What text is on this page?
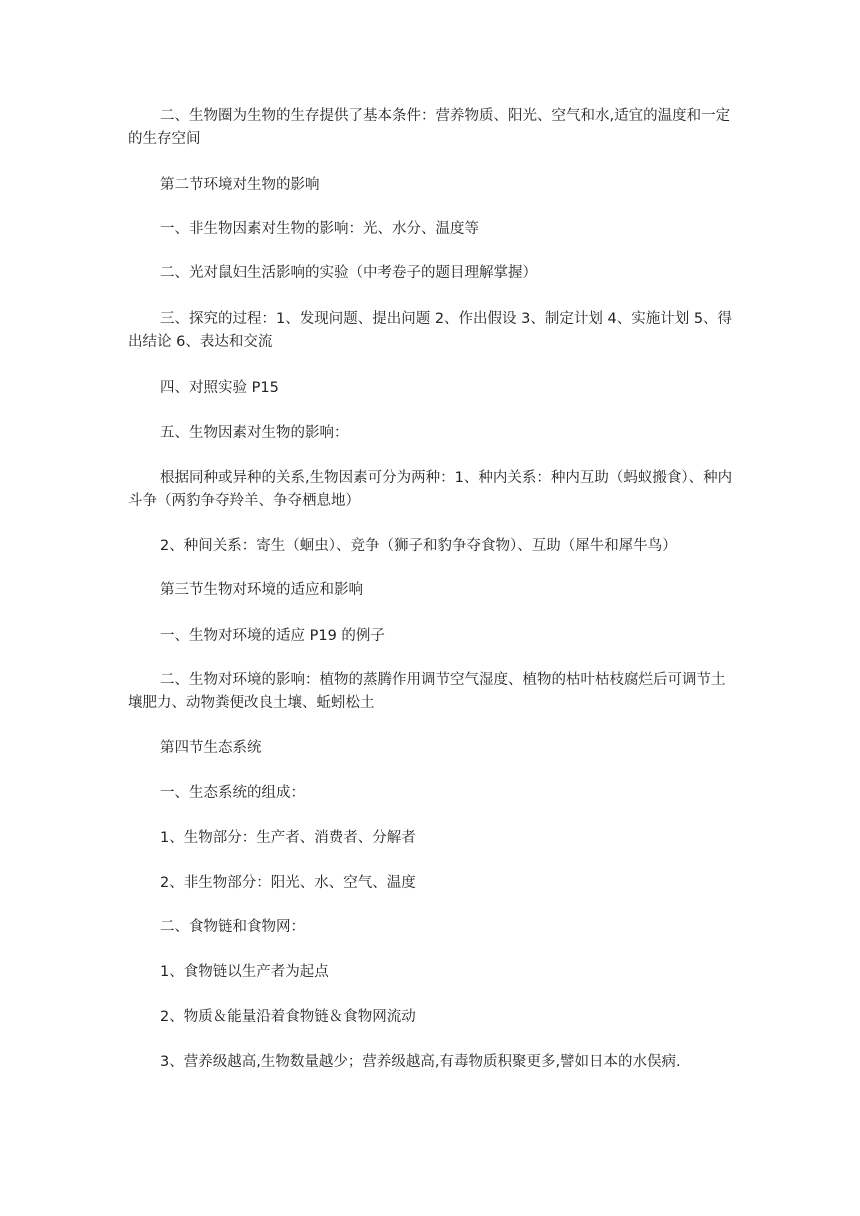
二、生物圈为生物的生存提供了基本条件：营养物质、阳光、空气和水,适宜的温度和一定的生存空间

第二节环境对生物的影响

一、非生物因素对生物的影响：光、水分、温度等

二、光对鼠妇生活影响的实验（中考卷子的题目理解掌握）

三、探究的过程：1、发现问题、提出问题 2、作出假设 3、制定计划 4、实施计划 5、得出结论 6、表达和交流

四、对照实验 P15

五、生物因素对生物的影响：

根据同种或异种的关系,生物因素可分为两种：1、种内关系：种内互助（蚂蚁搬食）、种内斗争（两豹争夺羚羊、争夺栖息地）

2、种间关系：寄生（蛔虫）、竞争（狮子和豹争夺食物）、互助（犀牛和犀牛鸟）

第三节生物对环境的适应和影响

一、生物对环境的适应 P19 的例子

二、生物对环境的影响：植物的蒸腾作用调节空气湿度、植物的枯叶枯枝腐烂后可调节土壤肥力、动物粪便改良土壤、蚯蚓松土

第四节生态系统

一、生态系统的组成：

1、生物部分：生产者、消费者、分解者

2、非生物部分：阳光、水、空气、温度

二、食物链和食物网：

1、食物链以生产者为起点

2、物质＆能量沿着食物链＆食物网流动

3、营养级越高,生物数量越少；营养级越高,有毒物质积聚更多,譬如日本的水俣病.
